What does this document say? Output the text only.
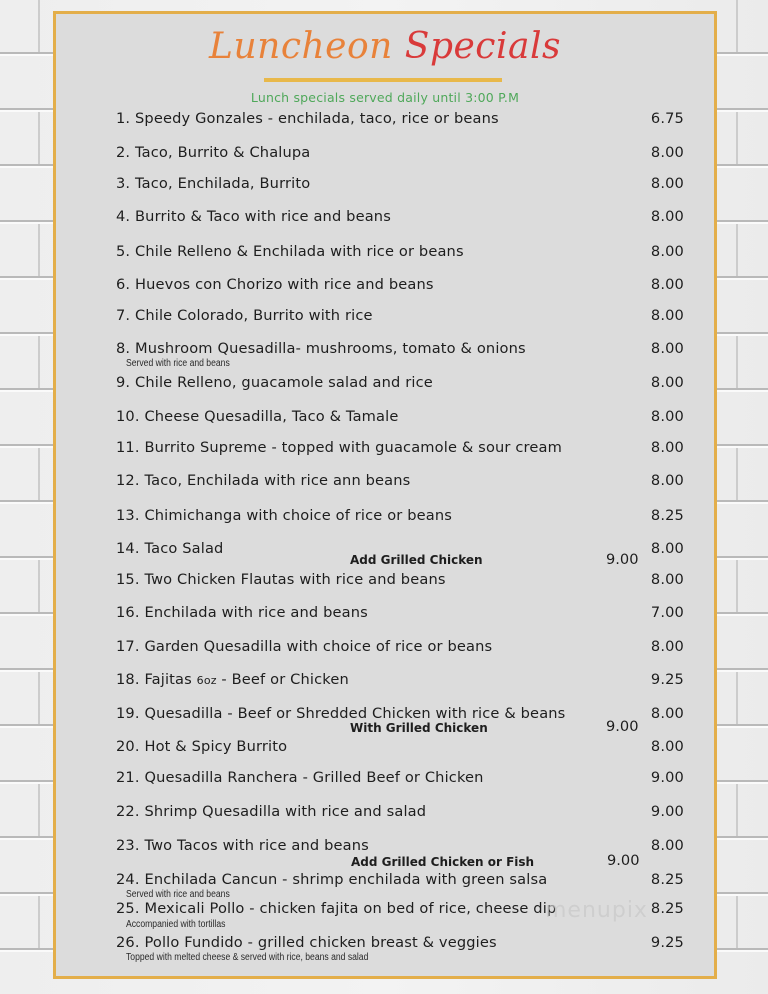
Luncheon Specials
Lunch specials served daily until 3:00 P.M
1. Speedy Gonzales - enchilada, taco, rice or beans	6.75
2. Taco, Burrito & Chalupa	8.00
3. Taco, Enchilada, Burrito	8.00
4. Burrito & Taco with rice and beans	8.00
5. Chile Relleno & Enchilada with rice or beans	8.00
6. Huevos con Chorizo with rice and beans	8.00
7. Chile Colorado, Burrito with rice	8.00
8. Mushroom Quesadilla- mushrooms, tomato & onions	8.00
Served with rice and beans
9. Chile Relleno, guacamole salad and rice	8.00
10. Cheese Quesadilla, Taco & Tamale	8.00
11. Burrito Supreme - topped with guacamole & sour cream	8.00
12. Taco, Enchilada with rice ann beans	8.00
13. Chimichanga with choice of rice or beans	8.25
14. Taco Salad	8.00
Add Grilled Chicken	9.00
15. Two Chicken Flautas with rice and beans	8.00
16. Enchilada with rice and beans	7.00
17. Garden Quesadilla with choice of rice or beans	8.00
18. Fajitas 6oz - Beef or Chicken	9.25
19. Quesadilla - Beef or Shredded Chicken with rice & beans	8.00
With Grilled Chicken	9.00
20. Hot & Spicy Burrito	8.00
21. Quesadilla Ranchera - Grilled Beef or Chicken	9.00
22. Shrimp Quesadilla with rice and salad	9.00
23. Two Tacos with rice and beans	8.00
Add Grilled Chicken or Fish	9.00
24. Enchilada Cancun - shrimp enchilada with green salsa	8.25
Served with rice and beans
25. Mexicali Pollo - chicken fajita on bed of rice, cheese dip	8.25
Accompanied with tortillas
26. Pollo Fundido - grilled chicken breast & veggies	9.25
Topped with melted cheese & served with rice, beans and salad
menupix
